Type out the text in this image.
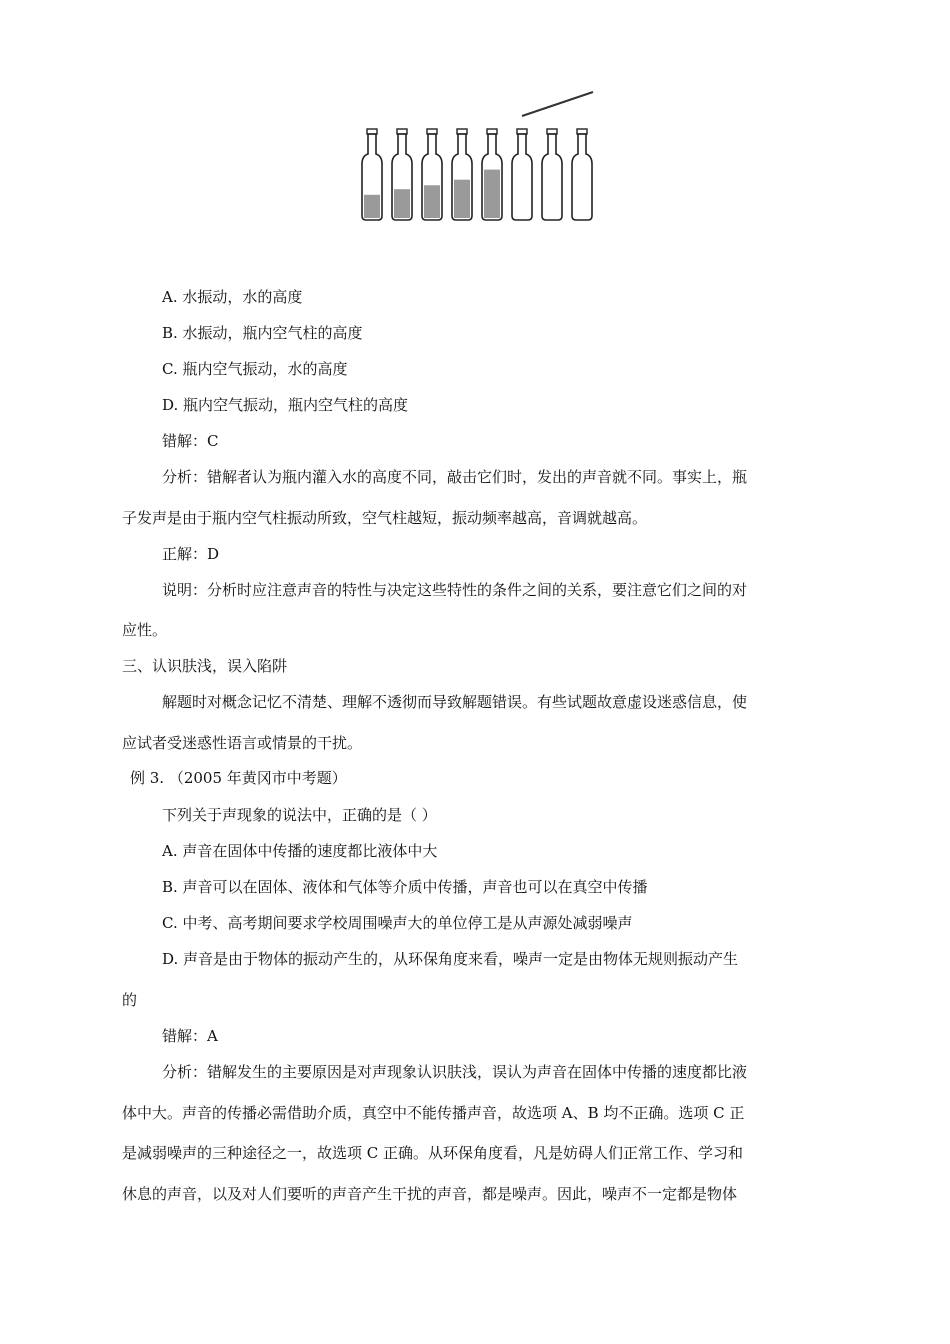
A. 水振动，水的高度
B. 水振动，瓶内空气柱的高度
C. 瓶内空气振动，水的高度
D. 瓶内空气振动，瓶内空气柱的高度
错解：C
分析：错解者认为瓶内灌入水的高度不同，敲击它们时，发出的声音就不同。事实上，瓶
子发声是由于瓶内空气柱振动所致，空气柱越短，振动频率越高，音调就越高。
正解：D
说明：分析时应注意声音的特性与决定这些特性的条件之间的关系，要注意它们之间的对
应性。
三、认识肤浅，误入陷阱
解题时对概念记忆不清楚、理解不透彻而导致解题错误。有些试题故意虚设迷惑信息，使
应试者受迷惑性语言或情景的干扰。
例 3. （2005 年黄冈市中考题）
下列关于声现象的说法中，正确的是（ ）
A. 声音在固体中传播的速度都比液体中大
B. 声音可以在固体、液体和气体等介质中传播，声音也可以在真空中传播
C. 中考、高考期间要求学校周围噪声大的单位停工是从声源处减弱噪声
D. 声音是由于物体的振动产生的，从环保角度来看，噪声一定是由物体无规则振动产生
的
错解：A
分析：错解发生的主要原因是对声现象认识肤浅，误认为声音在固体中传播的速度都比液
体中大。声音的传播必需借助介质，真空中不能传播声音，故选项 A、B 均不正确。选项 C 正
是减弱噪声的三种途径之一，故选项 C 正确。从环保角度看，凡是妨碍人们正常工作、学习和
休息的声音，以及对人们要听的声音产生干扰的声音，都是噪声。因此，噪声不一定都是物体
